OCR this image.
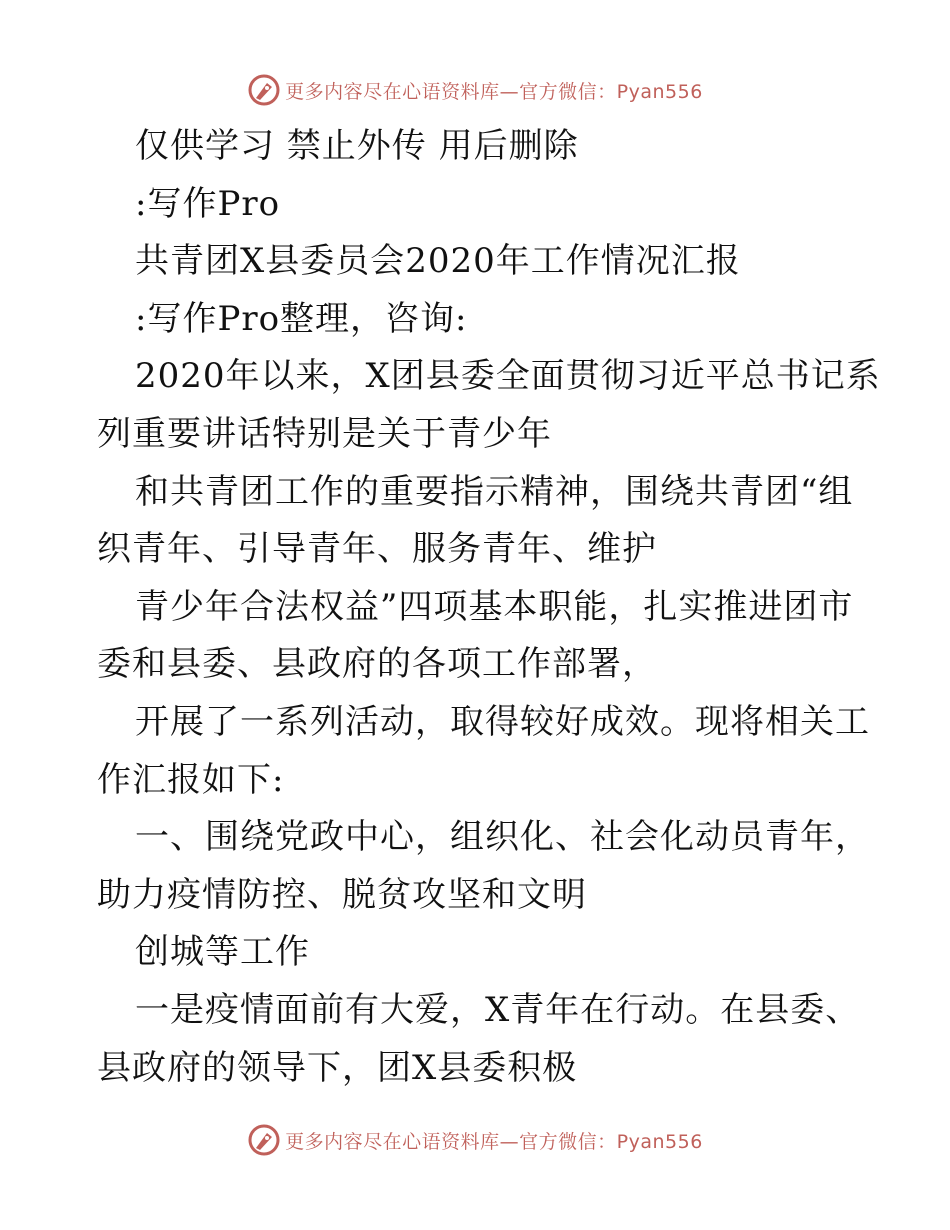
更多内容尽在心语资料库—官方微信：Pyan556
仅供学习 禁止外传 用后删除
:写作Pro
共青团X县委员会2020年工作情况汇报
:写作Pro整理，咨询:
2020年以来，X团县委全面贯彻习近平总书记系
列重要讲话特别是关于青少年
和共青团工作的重要指示精神，围绕共青团“组
织青年、引导青年、服务青年、维护
青少年合法权益”四项基本职能，扎实推进团市
委和县委、县政府的各项工作部署，
开展了一系列活动，取得较好成效。现将相关工
作汇报如下:
一、围绕党政中心，组织化、社会化动员青年，
助力疫情防控、脱贫攻坚和文明
创城等工作
一是疫情面前有大爱，X青年在行动。在县委、
县政府的领导下，团X县委积极
更多内容尽在心语资料库—官方微信：Pyan556
